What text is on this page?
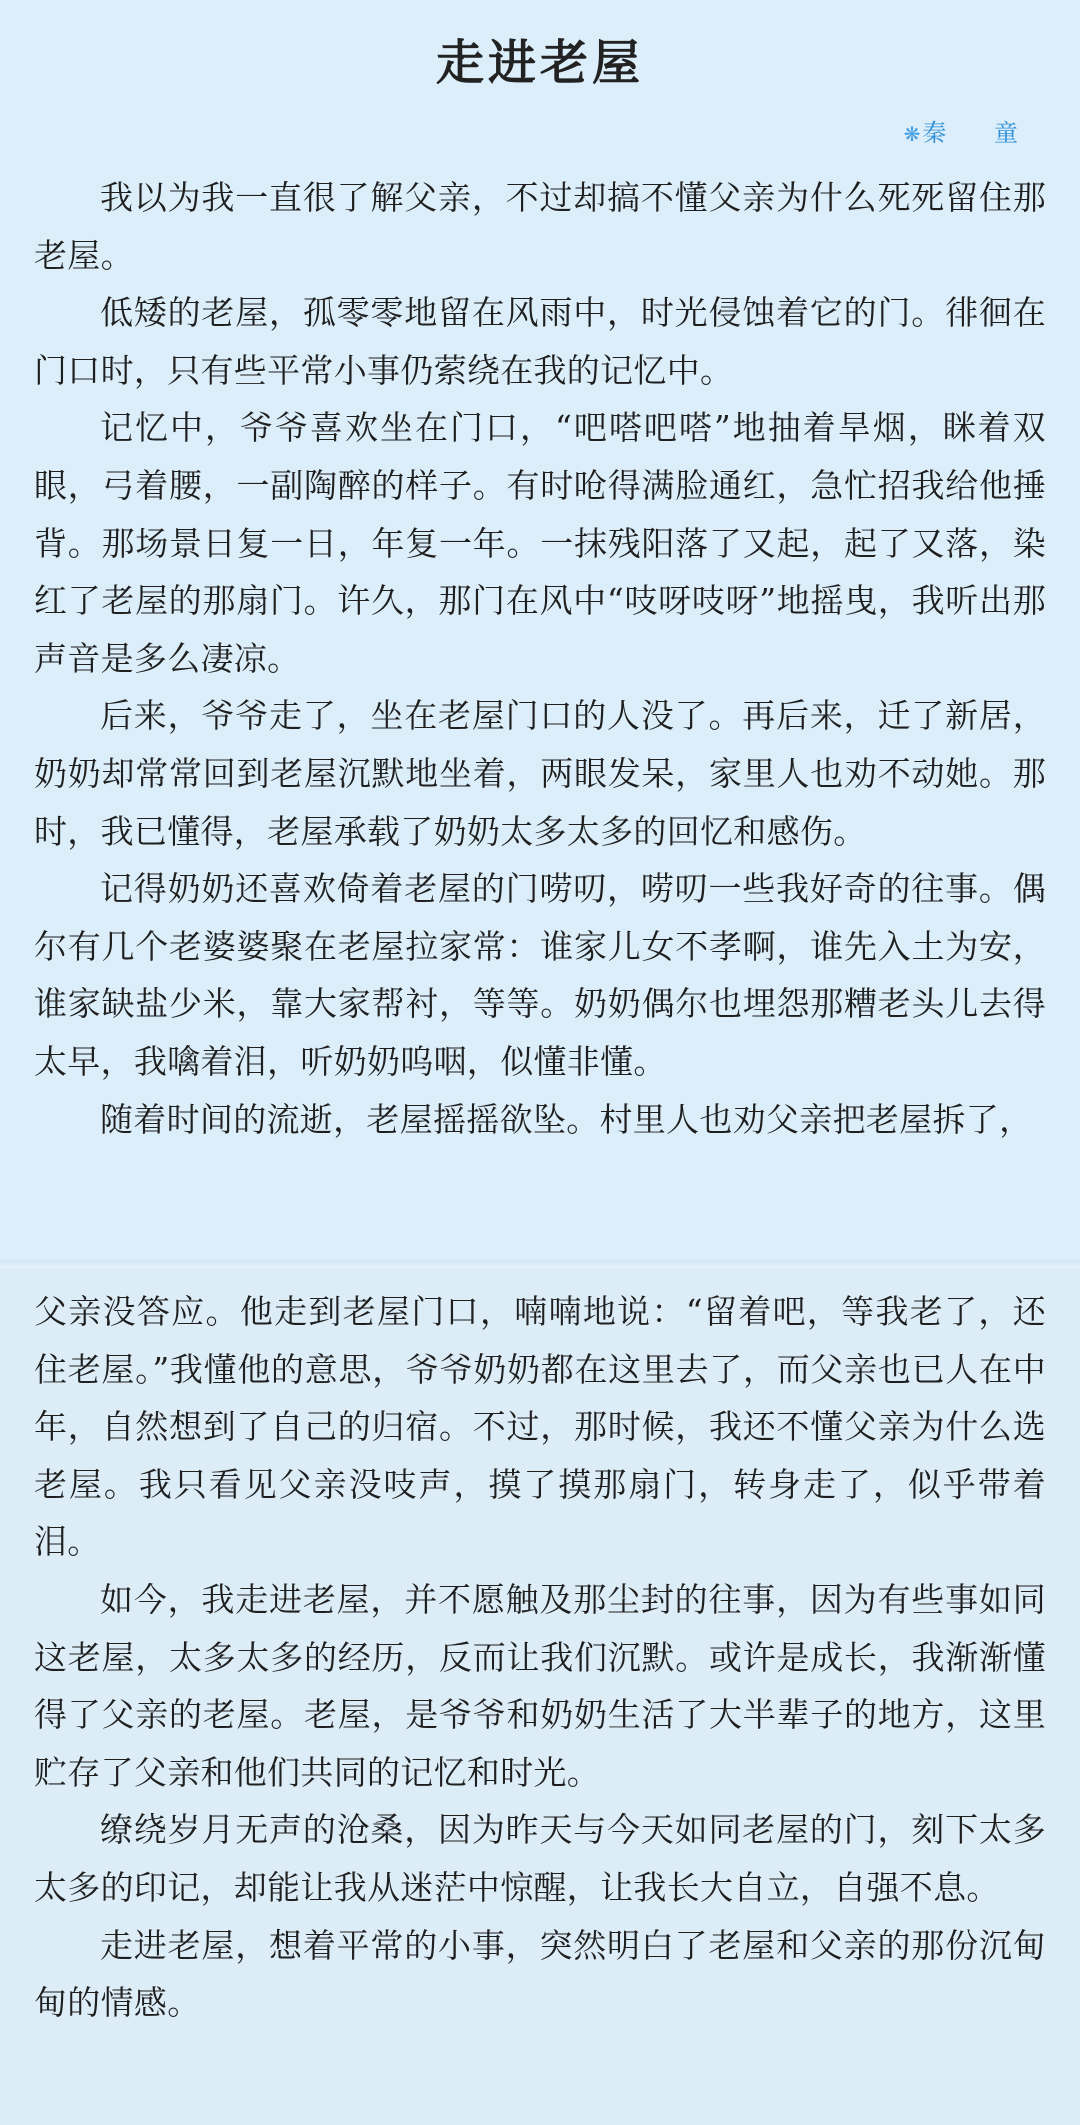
走进老屋
❋秦 童

我以为我一直很了解父亲，不过却搞不懂父亲为什么死死留住那老屋。

低矮的老屋，孤零零地留在风雨中，时光侵蚀着它的门。徘徊在门口时，只有些平常小事仍萦绕在我的记忆中。

记忆中，爷爷喜欢坐在门口，“吧嗒吧嗒”地抽着旱烟，眯着双眼，弓着腰，一副陶醉的样子。有时呛得满脸通红，急忙招我给他捶背。那场景日复一日，年复一年。一抹残阳落了又起，起了又落，染红了老屋的那扇门。许久，那门在风中“吱呀吱呀”地摇曳，我听出那声音是多么凄凉。

后来，爷爷走了，坐在老屋门口的人没了。再后来，迁了新居，奶奶却常常回到老屋沉默地坐着，两眼发呆，家里人也劝不动她。那时，我已懂得，老屋承载了奶奶太多太多的回忆和感伤。

记得奶奶还喜欢倚着老屋的门唠叨，唠叨一些我好奇的往事。偶尔有几个老婆婆聚在老屋拉家常：谁家儿女不孝啊，谁先入土为安，谁家缺盐少米，靠大家帮衬，等等。奶奶偶尔也埋怨那糟老头儿去得太早，我噙着泪，听奶奶呜咽，似懂非懂。

随着时间的流逝，老屋摇摇欲坠。村里人也劝父亲把老屋拆了，

父亲没答应。他走到老屋门口，喃喃地说：“留着吧，等我老了，还住老屋。”我懂他的意思，爷爷奶奶都在这里去了，而父亲也已人在中年，自然想到了自己的归宿。不过，那时候，我还不懂父亲为什么选老屋。我只看见父亲没吱声，摸了摸那扇门，转身走了，似乎带着泪。

如今，我走进老屋，并不愿触及那尘封的往事，因为有些事如同这老屋，太多太多的经历，反而让我们沉默。或许是成长，我渐渐懂得了父亲的老屋。老屋，是爷爷和奶奶生活了大半辈子的地方，这里贮存了父亲和他们共同的记忆和时光。

缭绕岁月无声的沧桑，因为昨天与今天如同老屋的门，刻下太多太多的印记，却能让我从迷茫中惊醒，让我长大自立，自强不息。

走进老屋，想着平常的小事，突然明白了老屋和父亲的那份沉甸甸的情感。
